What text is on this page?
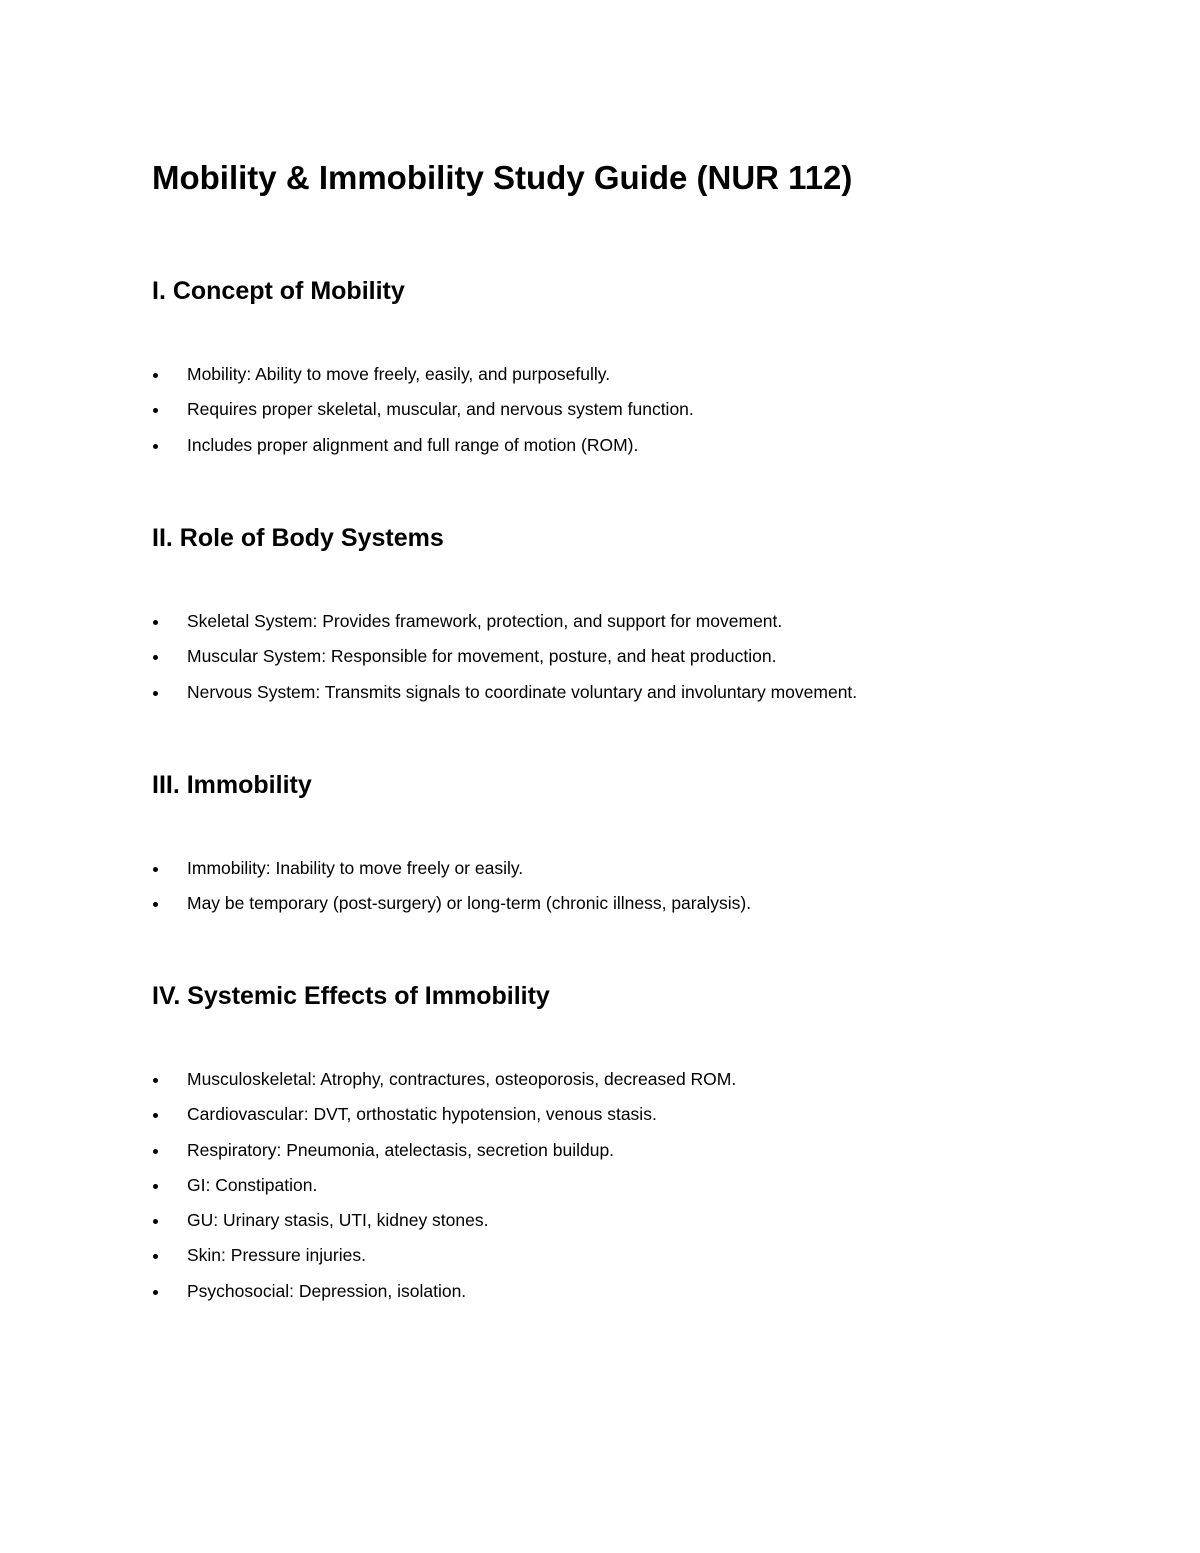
Mobility & Immobility Study Guide (NUR 112)
I. Concept of Mobility
Mobility: Ability to move freely, easily, and purposefully.
Requires proper skeletal, muscular, and nervous system function.
Includes proper alignment and full range of motion (ROM).
II. Role of Body Systems
Skeletal System: Provides framework, protection, and support for movement.
Muscular System: Responsible for movement, posture, and heat production.
Nervous System: Transmits signals to coordinate voluntary and involuntary movement.
III. Immobility
Immobility: Inability to move freely or easily.
May be temporary (post-surgery) or long-term (chronic illness, paralysis).
IV. Systemic Effects of Immobility
Musculoskeletal: Atrophy, contractures, osteoporosis, decreased ROM.
Cardiovascular: DVT, orthostatic hypotension, venous stasis.
Respiratory: Pneumonia, atelectasis, secretion buildup.
GI: Constipation.
GU: Urinary stasis, UTI, kidney stones.
Skin: Pressure injuries.
Psychosocial: Depression, isolation.
